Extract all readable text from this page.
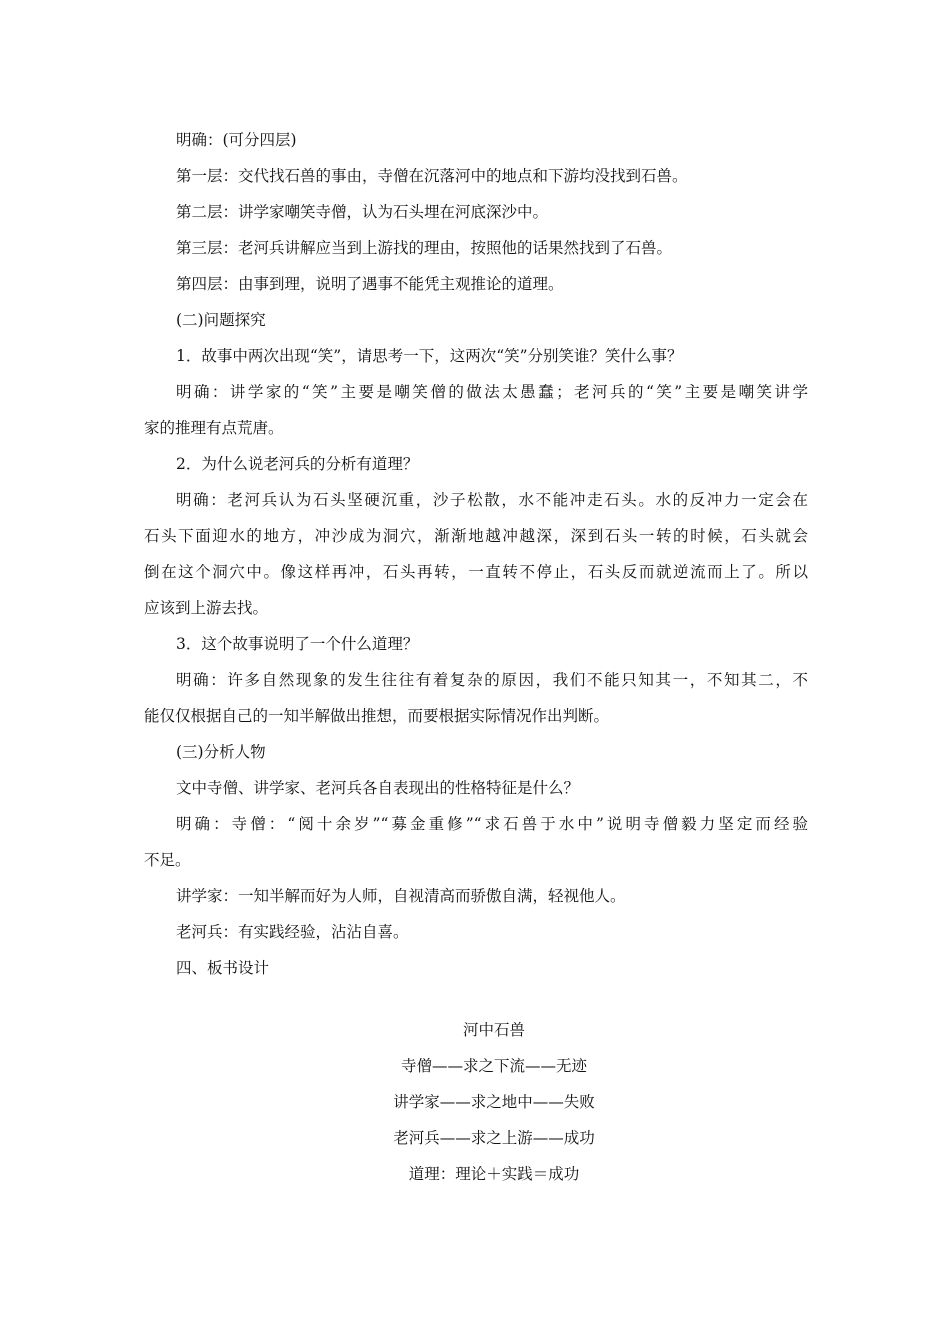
明确：(可分四层)
第一层：交代找石兽的事由，寺僧在沉落河中的地点和下游均没找到石兽。
第二层：讲学家嘲笑寺僧，认为石头埋在河底深沙中。
第三层：老河兵讲解应当到上游找的理由，按照他的话果然找到了石兽。
第四层：由事到理，说明了遇事不能凭主观推论的道理。
(二)问题探究
1．故事中两次出现“笑”，请思考一下，这两次“笑”分别笑谁？笑什么事？
明确：讲学家的“笑”主要是嘲笑僧的做法太愚蠢；老河兵的“笑”主要是嘲笑讲学
家的推理有点荒唐。
2．为什么说老河兵的分析有道理？
明确：老河兵认为石头坚硬沉重，沙子松散，水不能冲走石头。水的反冲力一定会在
石头下面迎水的地方，冲沙成为洞穴，渐渐地越冲越深，深到石头一转的时候，石头就会
倒在这个洞穴中。像这样再冲，石头再转，一直转不停止，石头反而就逆流而上了。所以
应该到上游去找。
3．这个故事说明了一个什么道理？
明确：许多自然现象的发生往往有着复杂的原因，我们不能只知其一，不知其二，不
能仅仅根据自己的一知半解做出推想，而要根据实际情况作出判断。
(三)分析人物
文中寺僧、讲学家、老河兵各自表现出的性格特征是什么？
明确：寺僧：“阅十余岁”“募金重修”“求石兽于水中”说明寺僧毅力坚定而经验
不足。
讲学家：一知半解而好为人师，自视清高而骄傲自满，轻视他人。
老河兵：有实践经验，沾沾自喜。
四、板书设计
河中石兽
寺僧——求之下流——无迹
讲学家——求之地中——失败
老河兵——求之上游——成功
道理：理论＋实践＝成功
